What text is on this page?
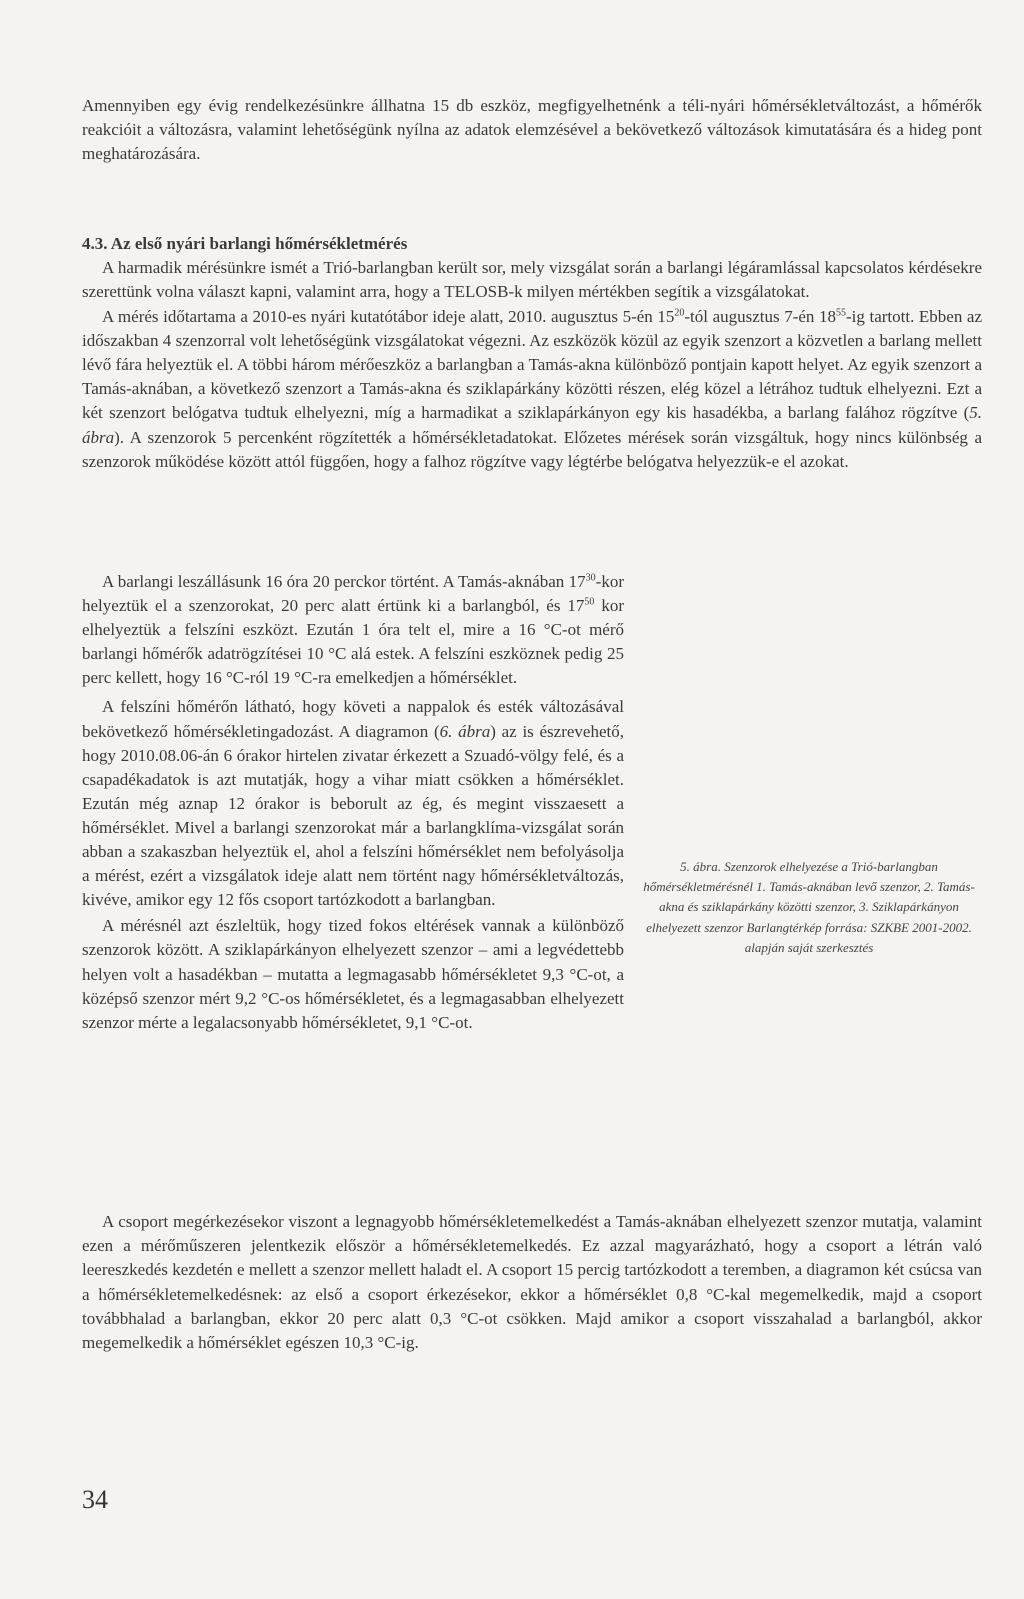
Amennyiben egy évig rendelkezésünkre állhatna 15 db eszköz, megfigyelhetnénk a téli-nyári hőmérsékletváltozást, a hőmérők reakcióit a változásra, valamint lehetőségünk nyílna az adatok elemzésével a bekövetkező változások kimutatására és a hideg pont meghatározására.

4.3. Az első nyári barlangi hőmérsékletmérés

A harmadik mérésünkre ismét a Trió-barlangban került sor, mely vizsgálat során a barlangi légáramlással kapcsolatos kérdésekre szerettünk volna választ kapni, valamint arra, hogy a TELOSB-k milyen mértékben segítik a vizsgálatokat.

A mérés időtartama a 2010-es nyári kutatótábor ideje alatt, 2010. augusztus 5-én $15^{20}$-tól augusztus 7-én $18^{55}-ig$ tartott. Ebben az időszakban 4 szenzorral volt lehetőségünk vizsgálatokat végezni. Az eszközök közül az egyik szenzort a közvetlen a barlang mellett lévő fára helyeztük el. A többi három mérőeszköz a barlangban a Tamás-akna különböző pontjain kapott helyet. Az egyik szenzort a Tamás-aknában, a következő szenzort a Tamás-akna és sziklapárkány közötti részen, elég közel a létrához tudtuk elhelyezni. Ezt a két szenzort belógatva tudtuk elhelyezni, míg a harmadikat a sziklapárkányon egy kis hasadékba, a barlang falához rögzítve (5. ábra). A szenzorok 5 percenként rögzítették a hőmérsékletadatokat. Előzetes mérések során vizsgáltuk, hogy nincs különbség a szenzorok működése között attól függően, hogy a falhoz rögzítve vagy légtérbe belógatva helyezzük-e el azokat.

A barlangi leszállásunk 16 óra 20 perckor történt. A Tamás-aknában $17^{30}$-kor helyeztük el a szenzorokat, 20 perc alatt értünk ki a barlangból, és $17^{50}$ kor elhelyeztük a felszíni eszközt. Ezután 1 óra telt el, mire a 16 °C-ot mérő barlangi hőmérők adatrögzítései 10 °C alá estek. A felszíni eszköznek pedig 25 perc kellett, hogy 16 °C-ról 19 °C-ra emelkedjen a hőmérséklet.

A felszíni hőmérőn látható, hogy követi a nappalok és esték változásával bekövetkező hőmérsékletingadozást. A diagramon (6. ábra) az is észrevehető, hogy 2010.08.06-án 6 órakor hirtelen zivatar érkezett a Szuadó-völgy felé, és a csapadékadatok is azt mutatják, hogy a vihar miatt csökken a hőmérséklet. Ezután még aznap 12 órakor is beborult az ég, és megint visszaesett a hőmérséklet. Mivel a barlangi szenzorokat már a barlangklíma-vizsgálat során abban a szakaszban helyeztük el, ahol a felszíni hőmérséklet nem befolyásolja a mérést, ezért a vizsgálatok ideje alatt nem történt nagy hőmérsékletváltozás, kivéve, amikor egy 12 fős csoport tartózkodott a barlangban.

A mérésnél azt észleltük, hogy tized fokos eltérések vannak a különböző szenzorok között. A sziklapárkányon elhelyezett szenzor – ami a legvédettebb helyen volt a hasadékban – mutatta a legmagasabb hőmérsékletet 9,3 °C-ot, a középső szenzor mért 9,2 °C-os hőmérsékletet, és a legmagasabban elhelyezett szenzor mérte a legalacsonyabb hőmérsékletet, 9,1 °C-ot.

5. ábra. Szenzorok elhelyezése a Trió-barlangban hőmérsékletmérésnél 1. Tamás-aknában levő szenzor, 2. Tamás-akna és sziklapárkány közötti szenzor, 3. Sziklapárkányon elhelyezett szenzor Barlangtérkép forrása: SZKBE 2001-2002. alapján saját szerkesztés

A csoport megérkezésekor viszont a legnagyobb hőmérsékletemelkedést a Tamás-aknában elhelyezett szenzor mutatja, valamint ezen a mérőműszeren jelentkezik először a hőmérsékletemelkedés. Ez azzal magyarázható, hogy a csoport a létrán való leereszkedés kezdetén e mellett a szenzor mellett haladt el. A csoport 15 percig tartózkodott a teremben, a diagramon két csúcsa van a hőmérsékletemelkedésnek: az első a csoport érkezésekor, ekkor a hőmérséklet 0,8 °C-kal megemelkedik, majd a csoport továbbhalad a barlangban, ekkor 20 perc alatt 0,3 °C-ot csökken. Majd amikor a csoport visszahalad a barlangból, akkor megemelkedik a hőmérséklet egészen 10,3 °C-ig.

34
